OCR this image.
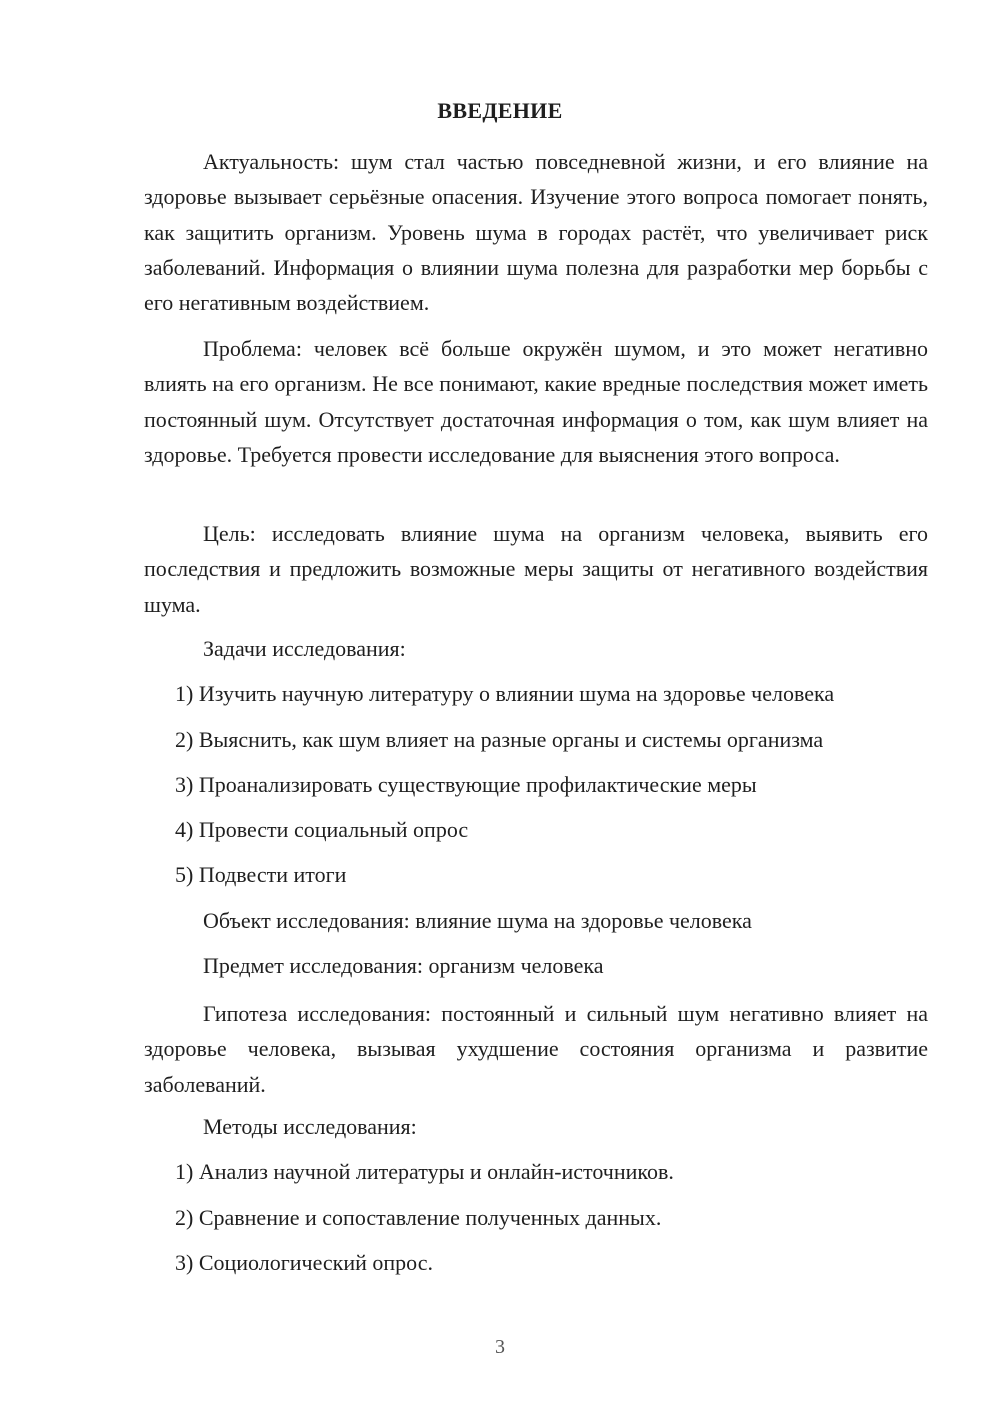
ВВЕДЕНИЕ

Актуальность: шум стал частью повседневной жизни, и его влияние на здоровье вызывает серьёзные опасения. Изучение этого вопроса помогает понять, как защитить организм. Уровень шума в городах растёт, что увеличивает риск заболеваний. Информация о влиянии шума полезна для разработки мер борьбы с его негативным воздействием.

Проблема: человек всё больше окружён шумом, и это может негативно влиять на его организм. Не все понимают, какие вредные последствия может иметь постоянный шум. Отсутствует достаточная информация о том, как шум влияет на здоровье. Требуется провести исследование для выяснения этого вопроса.

Цель: исследовать влияние шума на организм человека, выявить его последствия и предложить возможные меры защиты от негативного воздействия шума.

Задачи исследования:
1) Изучить научную литературу о влиянии шума на здоровье человека
2) Выяснить, как шум влияет на разные органы и системы организма
3) Проанализировать существующие профилактические меры
4) Провести социальный опрос
5) Подвести итоги
Объект исследования: влияние шума на здоровье человека
Предмет исследования: организм человека

Гипотеза исследования: постоянный и сильный шум негативно влияет на здоровье человека, вызывая ухудшение состояния организма и развитие заболеваний.

Методы исследования:
1) Анализ научной литературы и онлайн-источников.
2) Сравнение и сопоставление полученных данных.
3) Социологический опрос.
3
